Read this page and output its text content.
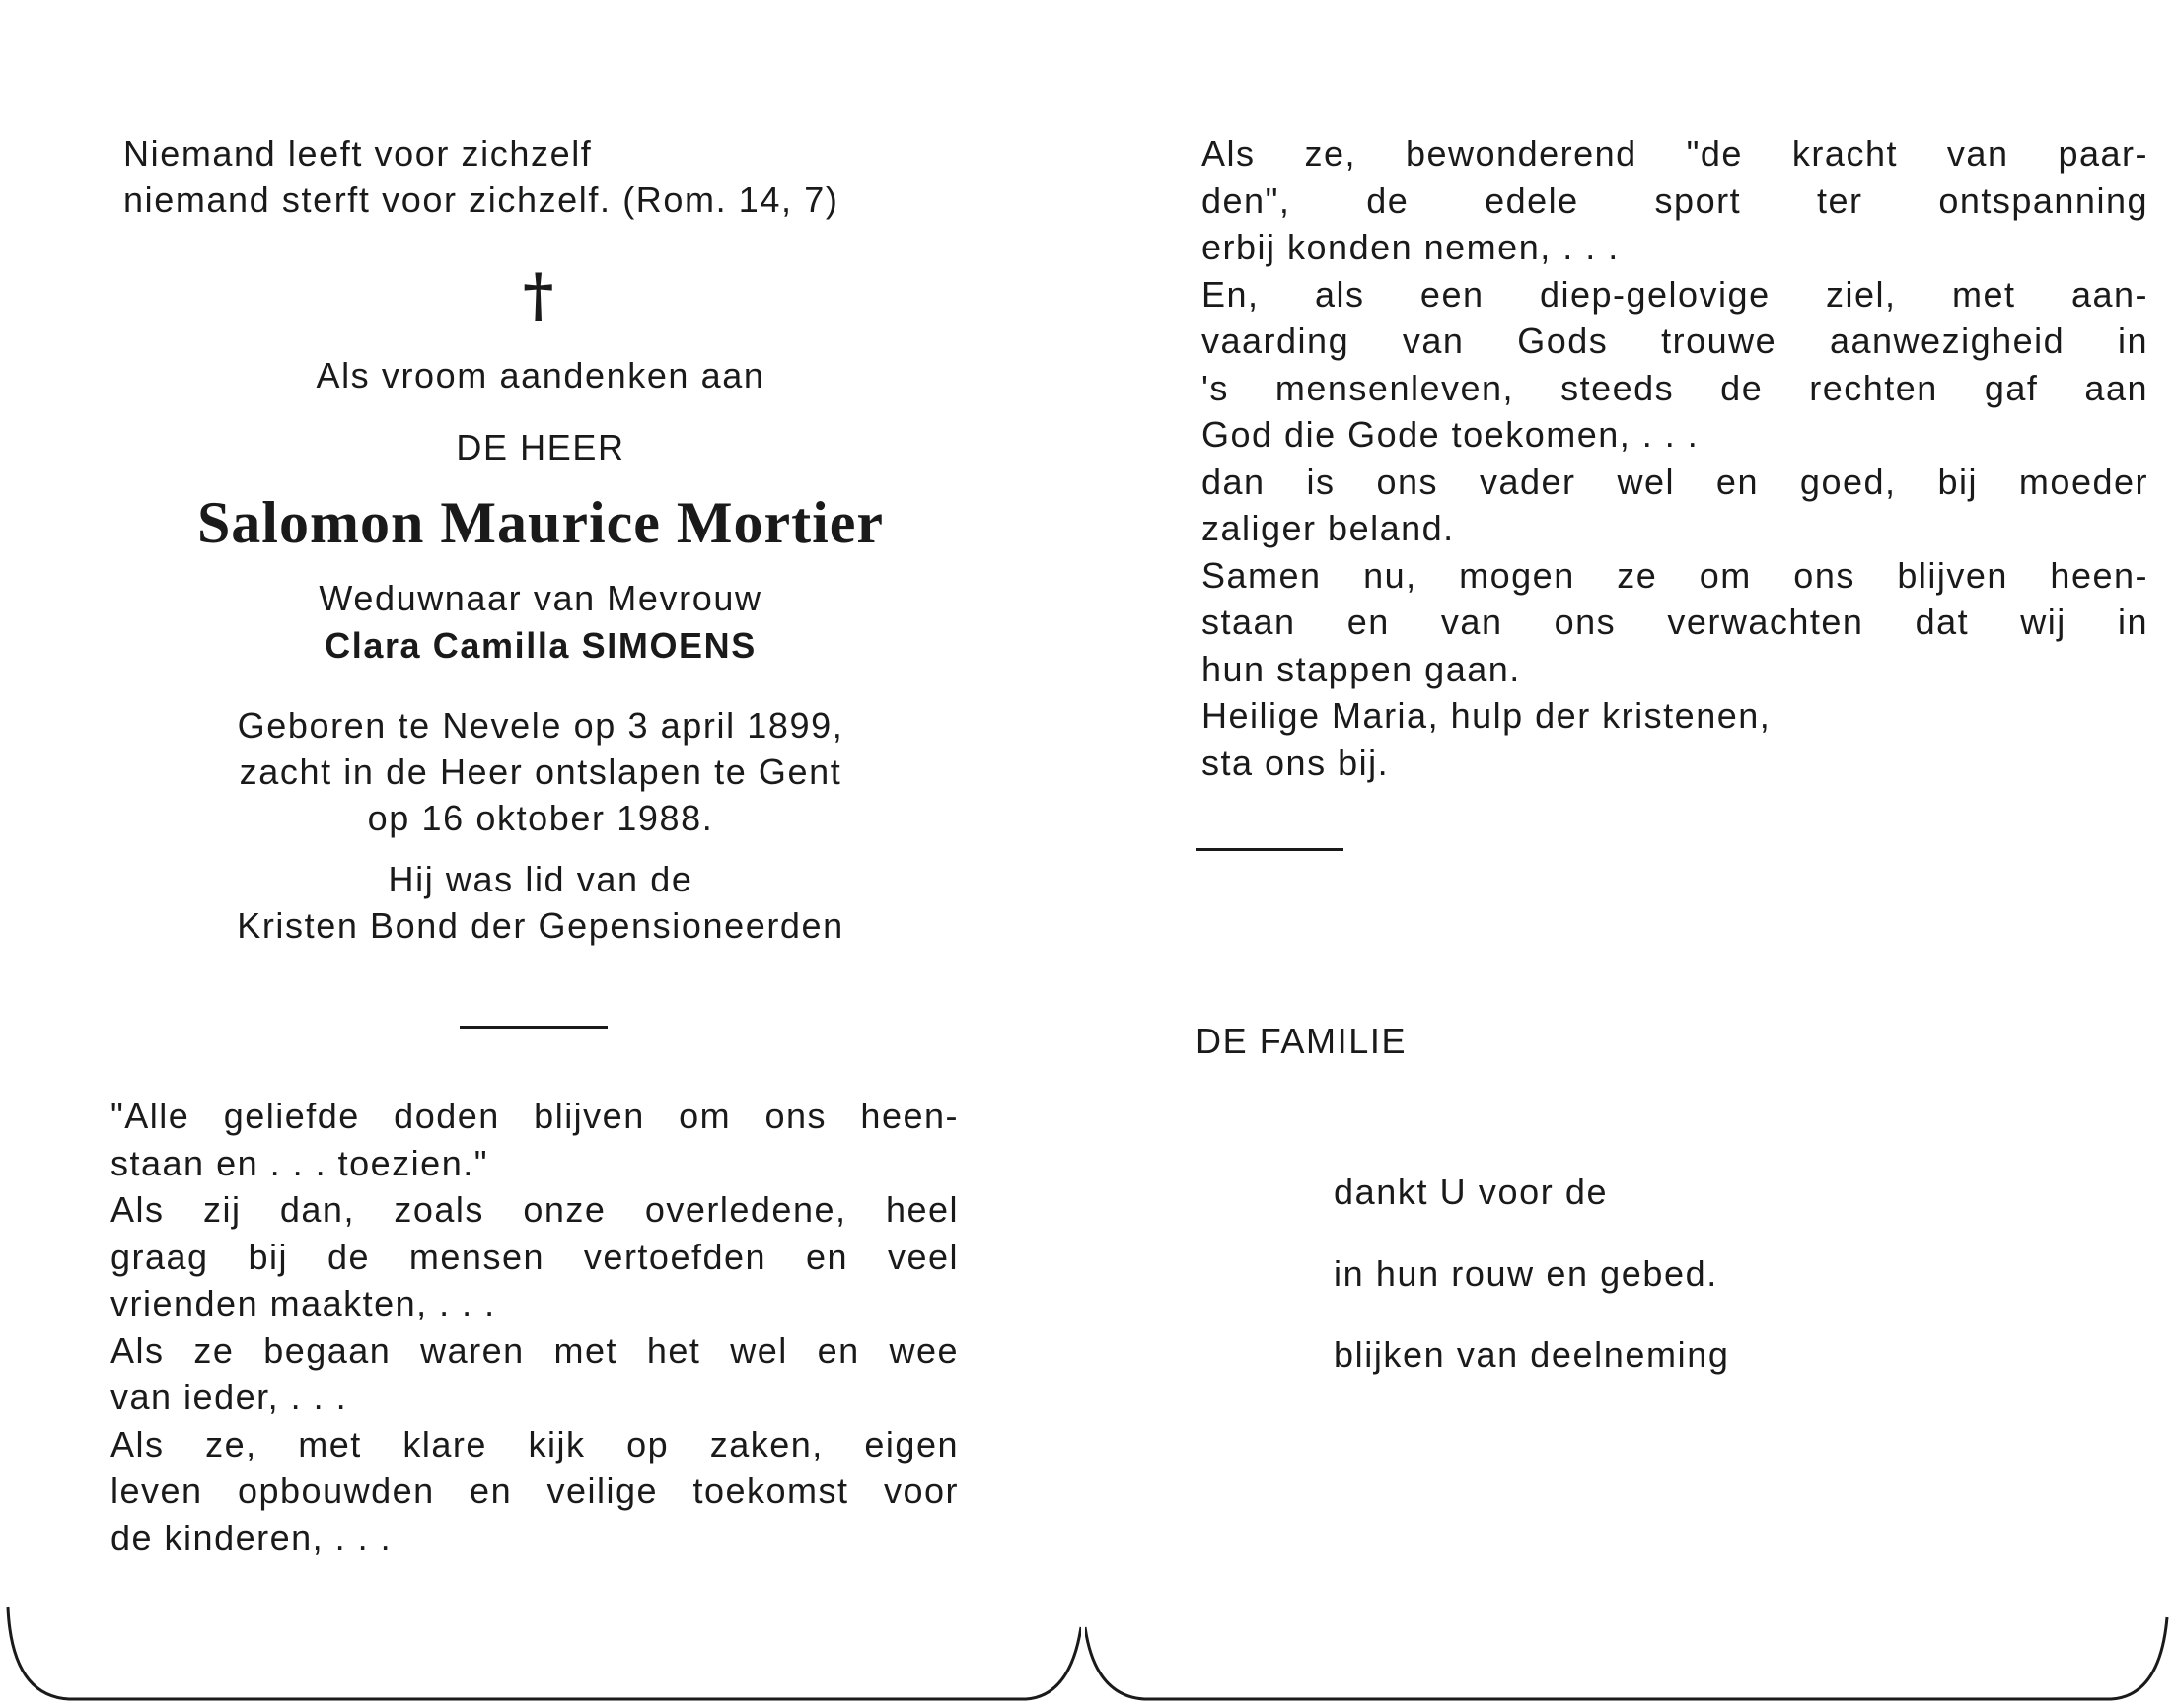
Niemand leeft voor zichzelf
niemand sterft voor zichzelf. (Rom. 14, 7)
†
Als vroom aandenken aan
DE HEER
Salomon Maurice Mortier
Weduwnaar van Mevrouw
Clara Camilla SIMOENS
Geboren te Nevele op 3 april 1899,
zacht in de Heer ontslapen te Gent
op 16 oktober 1988.
Hij was lid van de
Kristen Bond der Gepensioneerden
"Alle geliefde doden blijven om ons heen-
staan en . . . toezien."
Als zij dan, zoals onze overledene, heel
graag bij de mensen vertoefden en veel
vrienden maakten, . . .
Als ze begaan waren met het wel en wee
van ieder, . . .
Als ze, met klare kijk op zaken, eigen
leven opbouwden en veilige toekomst voor
de kinderen, . . .
Als ze, bewonderend "de kracht van paar-
den", de edele sport ter ontspanning
erbij konden nemen, . . .
En, als een diep-gelovige ziel, met aan-
vaarding van Gods trouwe aanwezigheid in
's mensenleven, steeds de rechten gaf aan
God die Gode toekomen, . . .
dan is ons vader wel en goed, bij moeder
zaliger beland.
Samen nu, mogen ze om ons blijven heen-
staan en van ons verwachten dat wij in
hun stappen gaan.
Heilige Maria, hulp der kristenen,
sta ons bij.
DE FAMILIE
dankt U voor de
in hun rouw en gebed.
blijken van deelneming
